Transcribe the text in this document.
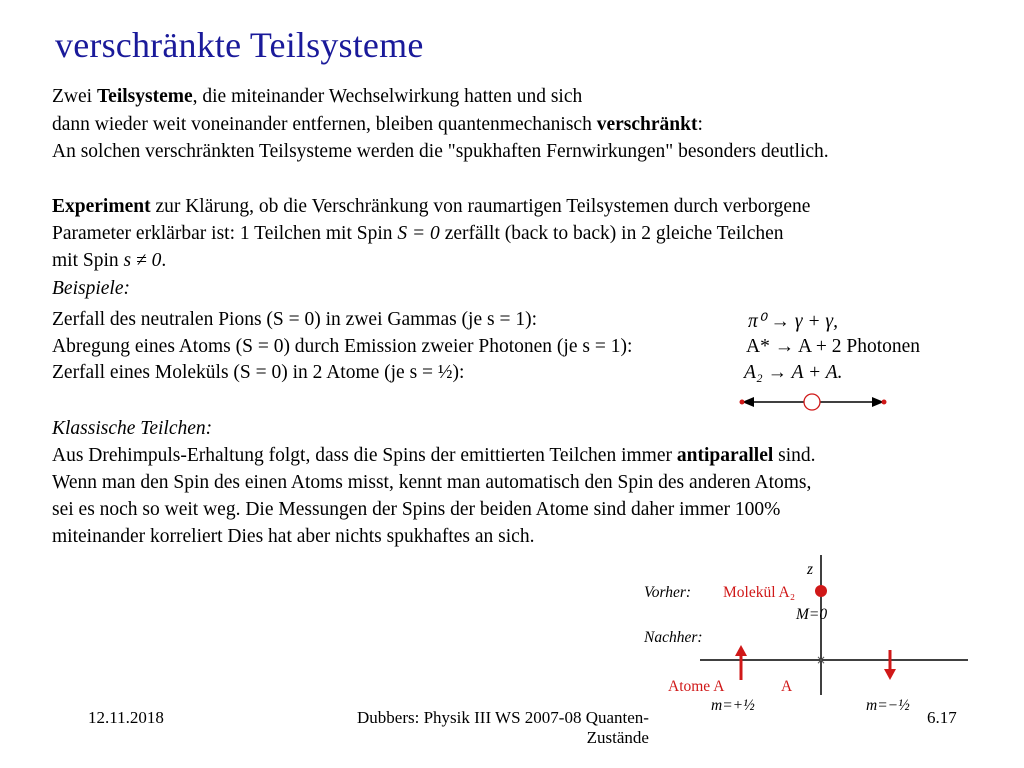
verschränkte Teilsysteme
Zwei Teilsysteme, die miteinander Wechselwirkung hatten und sich
dann wieder weit voneinander entfernen, bleiben quantenmechanisch verschränkt:
An solchen verschränkten Teilsysteme werden die "spukhaften Fernwirkungen" besonders deutlich.
Experiment zur Klärung, ob die Verschränkung von raumartigen Teilsystemen durch verborgene
Parameter erklärbar ist: 1 Teilchen mit Spin S = 0 zerfällt (back to back) in 2 gleiche Teilchen
mit Spin s ≠ 0.
Beispiele:
Zerfall des neutralen Pions (S = 0) in zwei Gammas (je s = 1):	π⁰ → γ + γ,
Abregung eines Atoms (S = 0) durch Emission zweier Photonen (je s = 1):	A* → A + 2 Photonen
Zerfall eines Moleküls (S = 0) in 2 Atome (je s = ½):	A₂ → A + A.
Klassische Teilchen:
Aus Drehimpuls-Erhaltung folgt, dass die Spins der emittierten Teilchen immer antiparallel sind.
Wenn man den Spin des einen Atoms misst, kennt man automatisch den Spin des anderen Atoms,
sei es noch so weit weg. Die Messungen der Spins der beiden Atome sind daher immer 100%
miteinander korreliert Dies hat aber nichts spukhaftes an sich.
×
z
Vorher: Molekül A₂
M=0
Nachher:
Atome A	A
m=+½	m=−½
12.11.2018	Dubbers: Physik III WS 2007-08 Quanten-
Zustände
6.17
